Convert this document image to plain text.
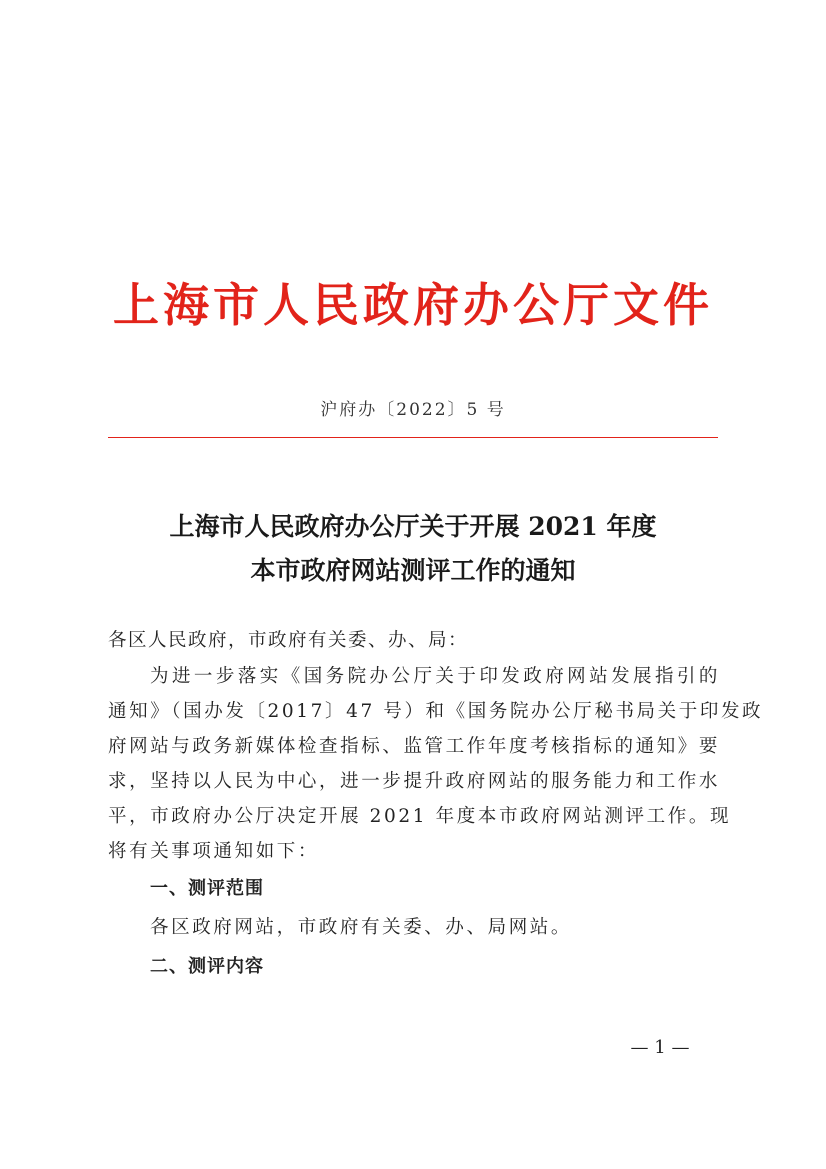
上海市人民政府办公厅文件
沪府办〔2022〕5 号
上海市人民政府办公厅关于开展 2021 年度
本市政府网站测评工作的通知
各区人民政府，市政府有关委、办、局：
为进一步落实《国务院办公厅关于印发政府网站发展指引的
通知》（国办发〔2017〕47 号）和《国务院办公厅秘书局关于印发政
府网站与政务新媒体检查指标、监管工作年度考核指标的通知》要
求，坚持以人民为中心，进一步提升政府网站的服务能力和工作水
平，市政府办公厅决定开展 2021 年度本市政府网站测评工作。现
将有关事项通知如下：
一、测评范围
各区政府网站，市政府有关委、办、局网站。
二、测评内容
— 1 —
